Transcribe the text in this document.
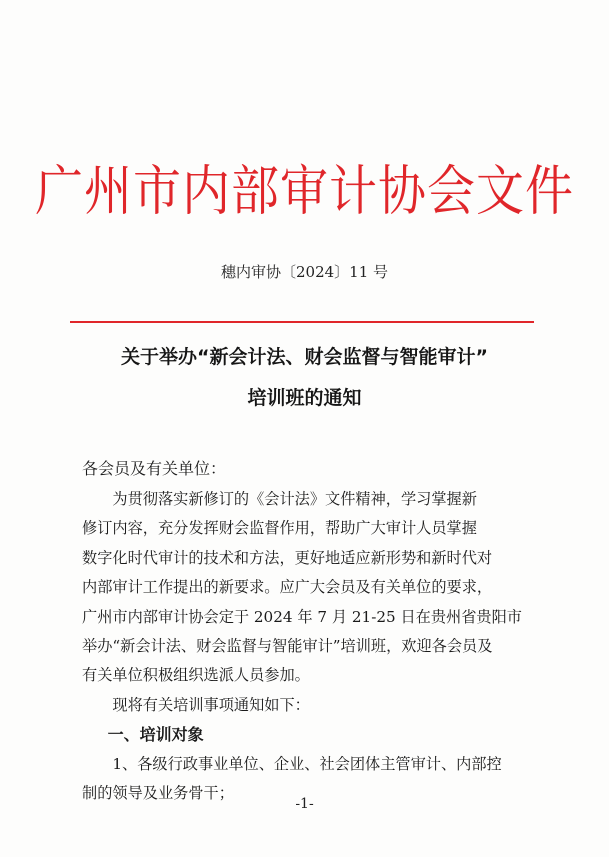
广州市内部审计协会文件
穗内审协〔2024〕11 号
关于举办“新会计法、财会监督与智能审计”
培训班的通知
各会员及有关单位：

为贯彻落实新修订的《会计法》文件精神，学习掌握新
修订内容，充分发挥财会监督作用，帮助广大审计人员掌握
数字化时代审计的技术和方法，更好地适应新形势和新时代对
内部审计工作提出的新要求。应广大会员及有关单位的要求，
广州市内部审计协会定于 2024 年 7 月 21-25 日在贵州省贵阳市
举办“新会计法、财会监督与智能审计”培训班，欢迎各会员及
有关单位积极组织选派人员参加。

现将有关培训事项通知如下：

一、培训对象

1、各级行政事业单位、企业、社会团体主管审计、内部控
制的领导及业务骨干；

-1-
